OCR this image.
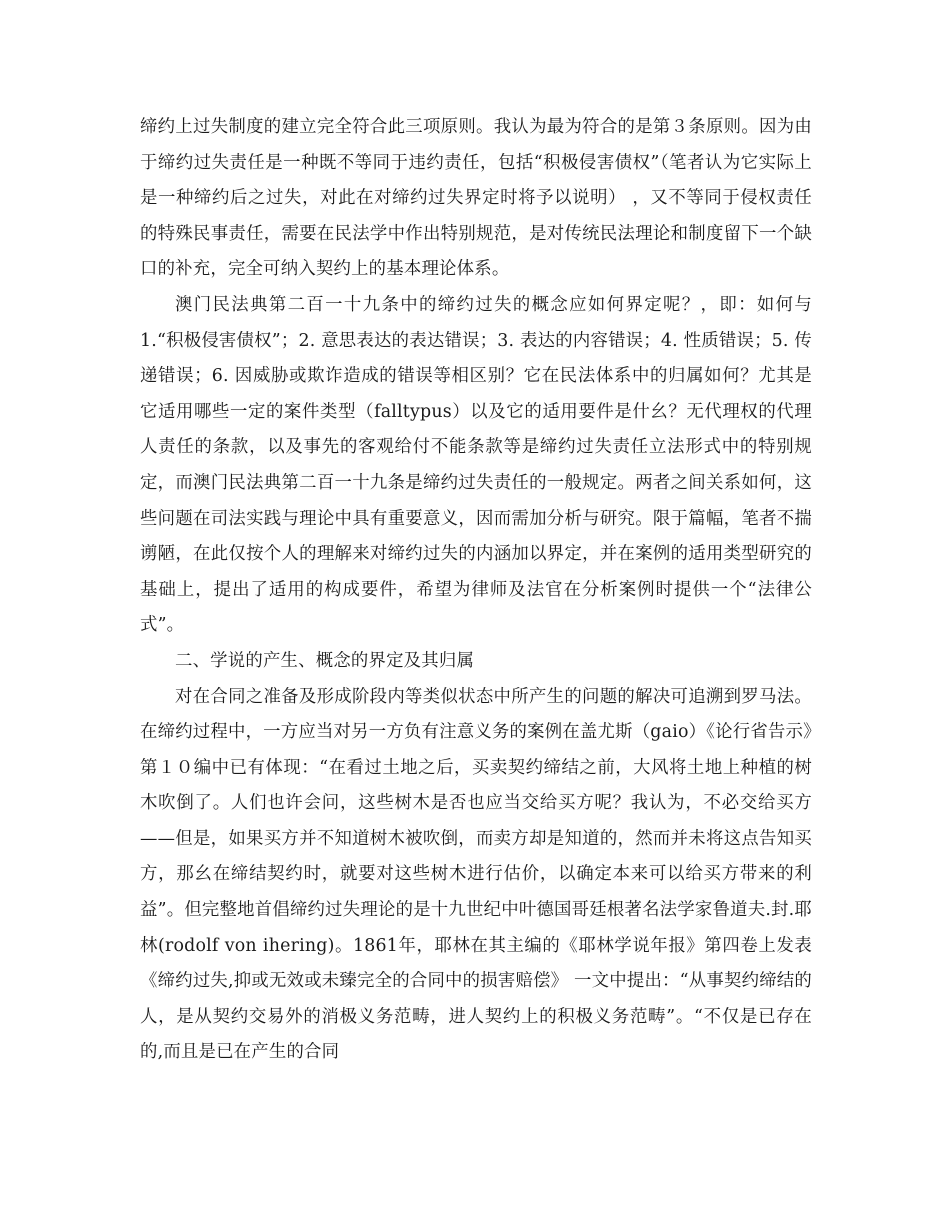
缔约上过失制度的建立完全符合此三项原则。我认为最为符合的是第３条原则。因为由于缔约过失责任是一种既不等同于违约责任，包括“积极侵害债权”（笔者认为它实际上是一种缔约后之过失，对此在对缔约过失界定时将予以说明） ，又不等同于侵权责任的特殊民事责任，需要在民法学中作出特别规范，是对传统民法理论和制度留下一个缺口的补充，完全可纳入契约上的基本理论体系。

澳门民法典第二百一十九条中的缔约过失的概念应如何界定呢？，即：如何与1.“积极侵害债权”；2. 意思表达的表达错误；3. 表达的内容错误；4. 性质错误；5. 传递错误；6. 因威胁或欺诈造成的错误等相区别？它在民法体系中的归属如何？尤其是它适用哪些一定的案件类型（falltypus）以及它的适用要件是什幺？无代理权的代理人责任的条款，以及事先的客观给付不能条款等是缔约过失责任立法形式中的特别规定，而澳门民法典第二百一十九条是缔约过失责任的一般规定。两者之间关系如何，这些问题在司法实践与理论中具有重要意义，因而需加分析与研究。限于篇幅，笔者不揣谫陋，在此仅按个人的理解来对缔约过失的内涵加以界定，并在案例的适用类型研究的基础上，提出了适用的构成要件，希望为律师及法官在分析案例时提供一个“法律公式”。

二、学说的产生、概念的界定及其归属

对在合同之准备及形成阶段内等类似状态中所产生的问题的解决可追溯到罗马法。 在缔约过程中，一方应当对另一方负有注意义务的案例在盖尤斯（gaio）《论行省告示》第１０编中已有体现：“在看过土地之后，买卖契约缔结之前，大风将土地上种植的树木吹倒了。人们也许会问，这些树木是否也应当交给买方呢？我认为，不必交给买方——但是，如果买方并不知道树木被吹倒，而卖方却是知道的，然而并未将这点告知买方，那幺在缔结契约时，就要对这些树木进行估价，以确定本来可以给买方带来的利益”。但完整地首倡缔约过失理论的是十九世纪中叶德国哥廷根著名法学家鲁道夫.封.耶林(rodolf von ihering)。1861年，耶林在其主编的《耶林学说年报》第四卷上发表《缔约过失,抑或无效或未臻完全的合同中的损害赔偿》 一文中提出：“从事契约缔结的人，是从契约交易外的消极义务范畴，进人契约上的积极义务范畴”。“不仅是已存在的,而且是已在产生的合同
